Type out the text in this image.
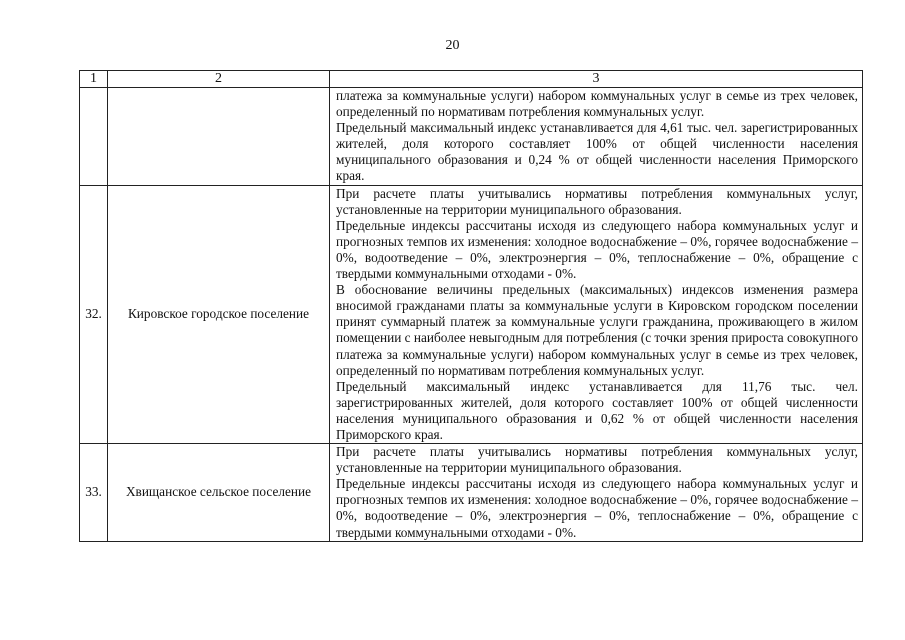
20
1	2	3

		платежа за коммунальные услуги) набором коммунальных услуг в семье из трех человек, определенный по нормативам потребления коммунальных услуг.

Предельный максимальный индекс устанавливается для 4,61 тыс. чел. зарегистрированных жителей, доля которого составляет 100% от общей численности населения муниципального образования и 0,24 % от общей численности населения Приморского края.

32.	Кировское городское поселение	При расчете платы учитывались нормативы потребления коммунальных услуг, установленные на территории муниципального образования.

Предельные индексы рассчитаны исходя из следующего набора коммунальных услуг и прогнозных темпов их изменения: холодное водоснабжение – 0%, горячее водоснабжение – 0%, водоотведение – 0%, электроэнергия – 0%, теплоснабжение – 0%, обращение с твердыми коммунальными отходами - 0%.

В обоснование величины предельных (максимальных) индексов изменения размера вносимой гражданами платы за коммунальные услуги в Кировском городском поселении принят суммарный платеж за коммунальные услуги гражданина, проживающего в жилом помещении с наиболее невыгодным для потребления (с точки зрения прироста совокупного платежа за коммунальные услуги) набором коммунальных услуг в семье из трех человек, определенный по нормативам потребления коммунальных услуг.

Предельный максимальный индекс устанавливается для 11,76 тыс. чел. зарегистрированных жителей, доля которого составляет 100% от общей численности населения муниципального образования и 0,62 % от общей численности населения Приморского края.

33.	Хвищанское сельское поселение	При расчете платы учитывались нормативы потребления коммунальных услуг, установленные на территории муниципального образования.

Предельные индексы рассчитаны исходя из следующего набора коммунальных услуг и прогнозных темпов их изменения: холодное водоснабжение – 0%, горячее водоснабжение – 0%, водоотведение – 0%, электроэнергия – 0%, теплоснабжение – 0%, обращение с твердыми коммунальными отходами - 0%.
